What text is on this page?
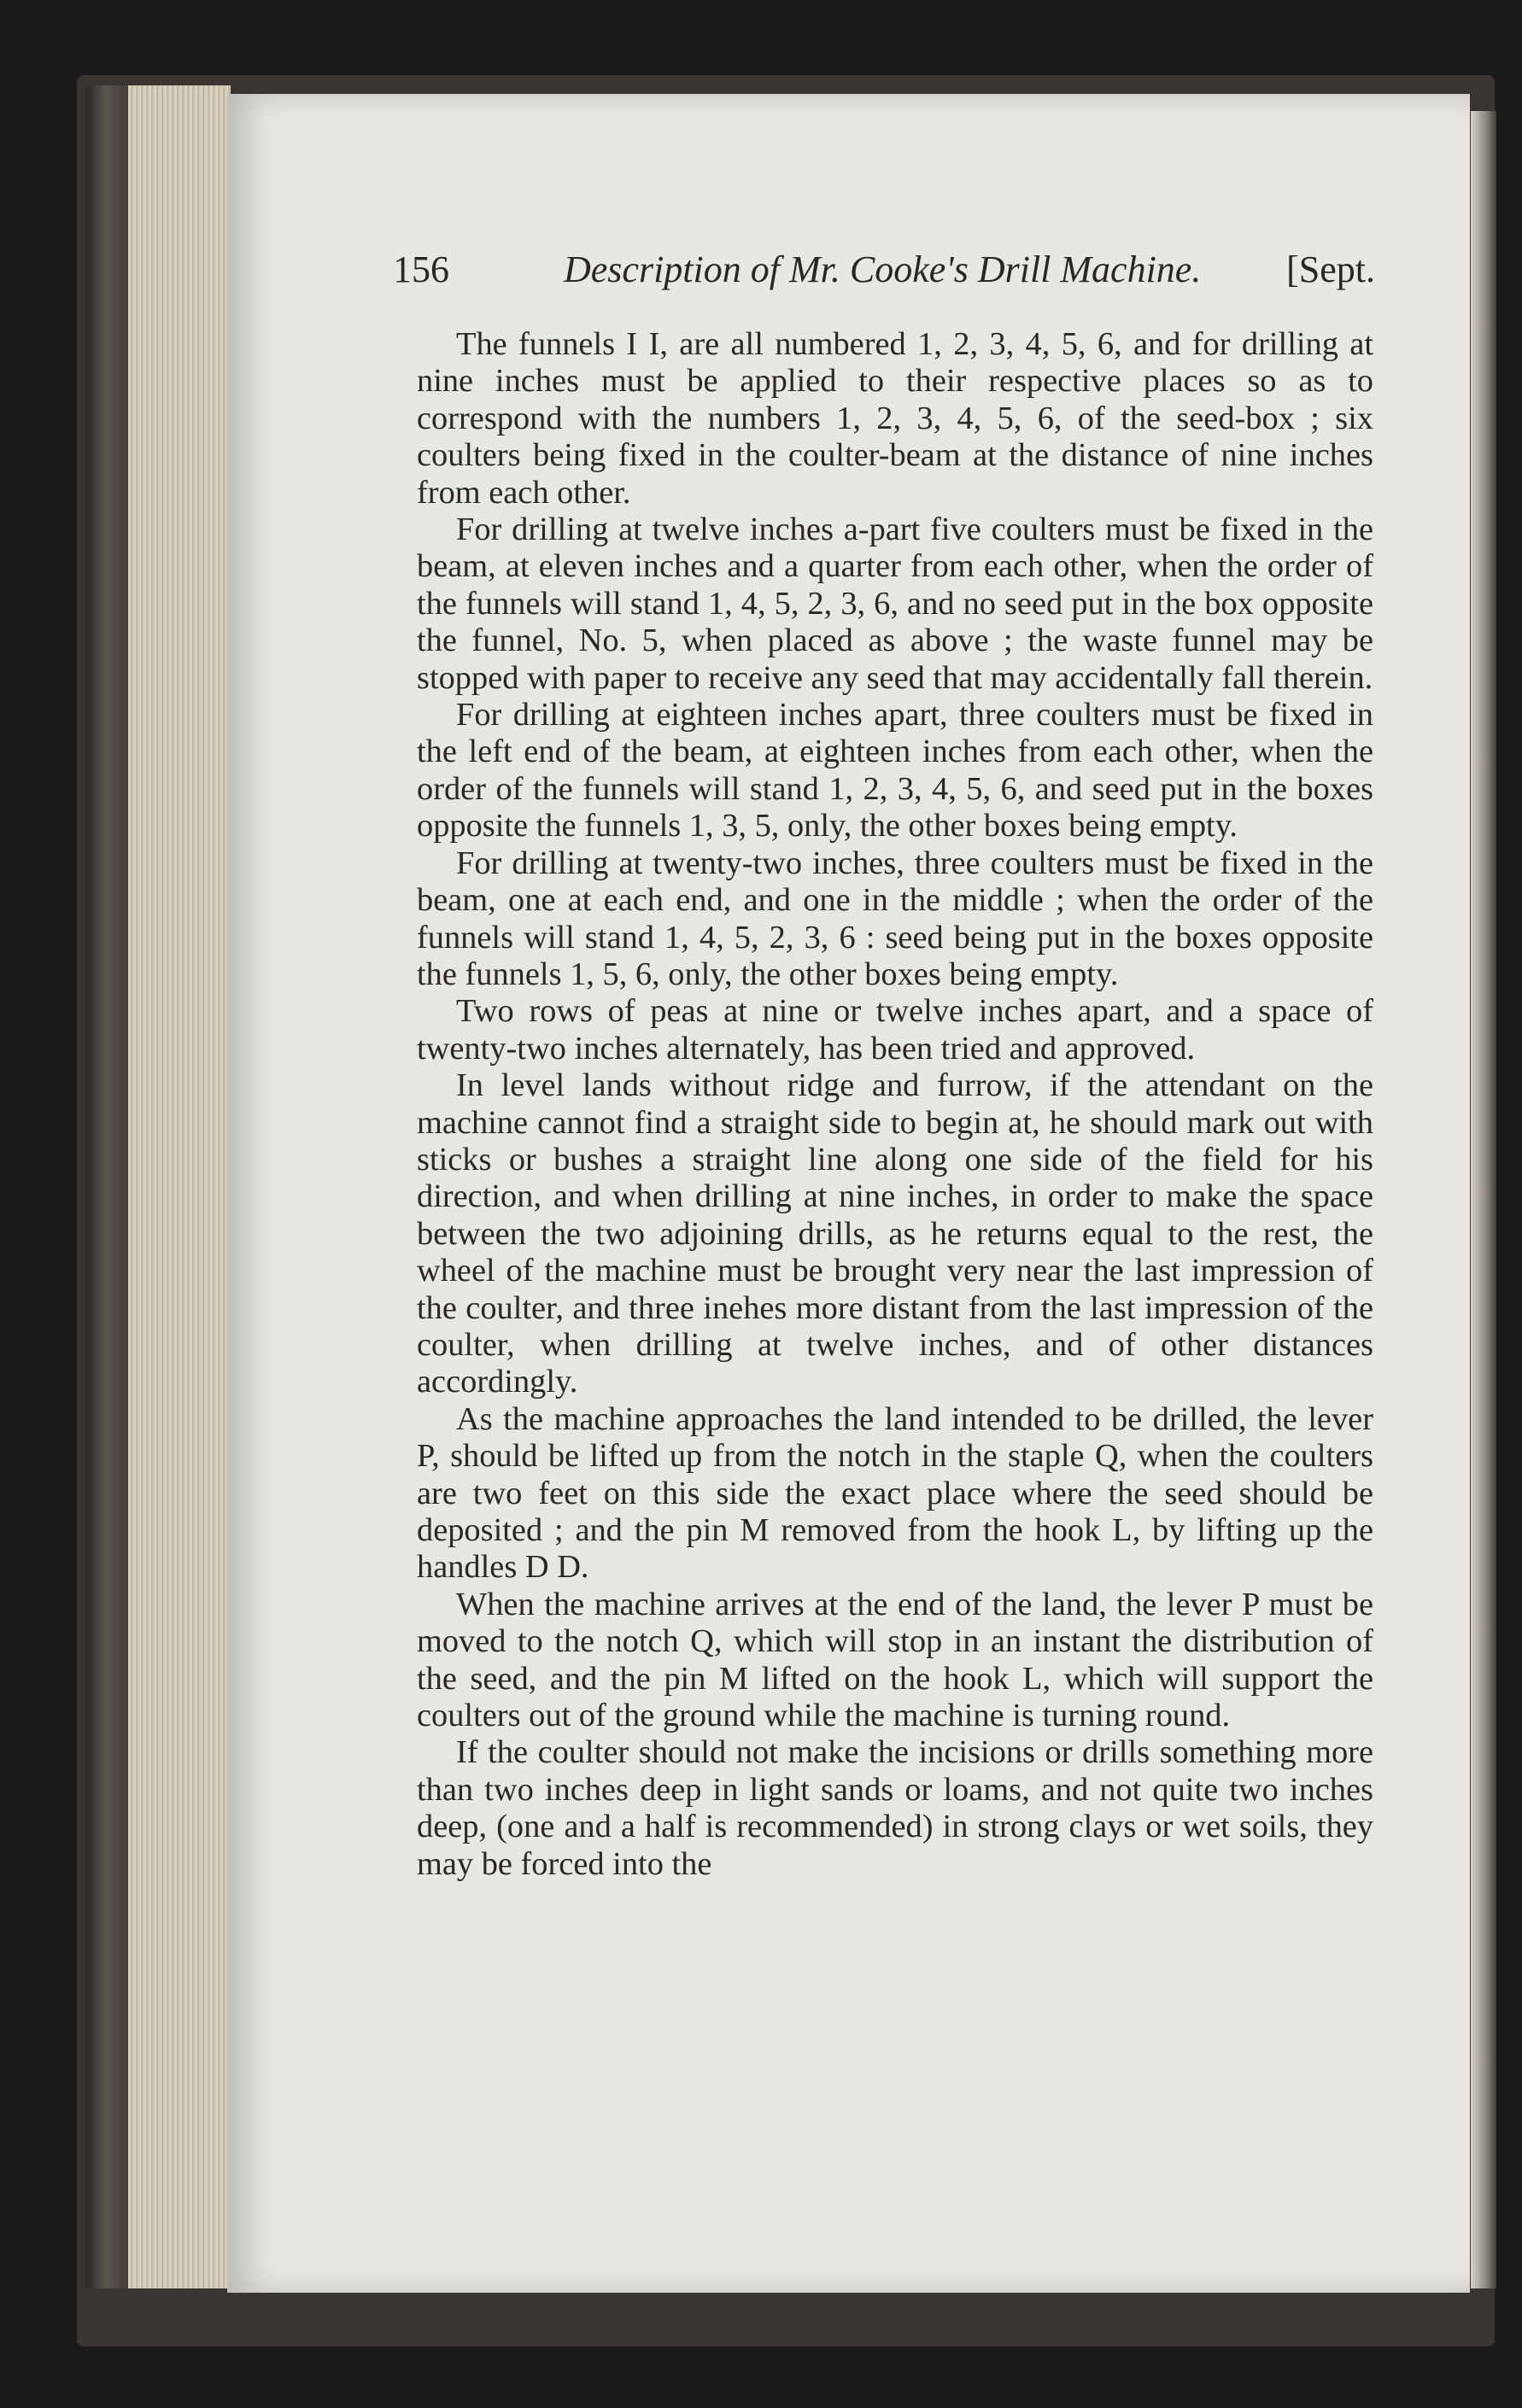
156	Description of Mr. Cooke's Drill Machine. [Sept.

The funnels I I, are all numbered 1, 2, 3, 4, 5, 6, and for drilling at nine inches must be applied to their respective places so as to correspond with the numbers 1, 2, 3, 4, 5, 6, of the seed-box ; six coulters being fixed in the coulter-beam at the distance of nine inches from each other.

For drilling at twelve inches a-part five coulters must be fixed in the beam, at eleven inches and a quarter from each other, when the order of the funnels will stand 1, 4, 5, 2, 3, 6, and no seed put in the box opposite the funnel, No. 5, when placed as above ; the waste funnel may be stopped with paper to receive any seed that may accidentally fall therein.

For drilling at eighteen inches apart, three coulters must be fixed in the left end of the beam, at eighteen inches from each other, when the order of the funnels will stand 1, 2, 3, 4, 5, 6, and seed put in the boxes opposite the funnels 1, 3, 5, only, the other boxes being empty.

For drilling at twenty-two inches, three coulters must be fixed in the beam, one at each end, and one in the middle ; when the order of the funnels will stand 1, 4, 5, 2, 3, 6 : seed being put in the boxes opposite the funnels 1, 5, 6, only, the other boxes being empty.

Two rows of peas at nine or twelve inches apart, and a space of twenty-two inches alternately, has been tried and approved.

In level lands without ridge and furrow, if the attendant on the machine cannot find a straight side to begin at, he should mark out with sticks or bushes a straight line along one side of the field for his direction, and when drilling at nine inches, in order to make the space between the two adjoining drills, as he returns equal to the rest, the wheel of the machine must be brought very near the last impression of the coulter, and three inehes more distant from the last impression of the coulter, when drilling at twelve inches, and of other distances accordingly.

As the machine approaches the land intended to be drilled, the lever P, should be lifted up from the notch in the staple Q, when the coulters are two feet on this side the exact place where the seed should be deposited ; and the pin M removed from the hook L, by lifting up the handles D D.

When the machine arrives at the end of the land, the lever P must be moved to the notch Q, which will stop in an instant the distribution of the seed, and the pin M lifted on the hook L, which will support the coulters out of the ground while the machine is turning round.

If the coulter should not make the incisions or drills something more than two inches deep in light sands or loams, and not quite two inches deep, (one and a half is recommended) in strong clays or wet soils, they may be forced into the
